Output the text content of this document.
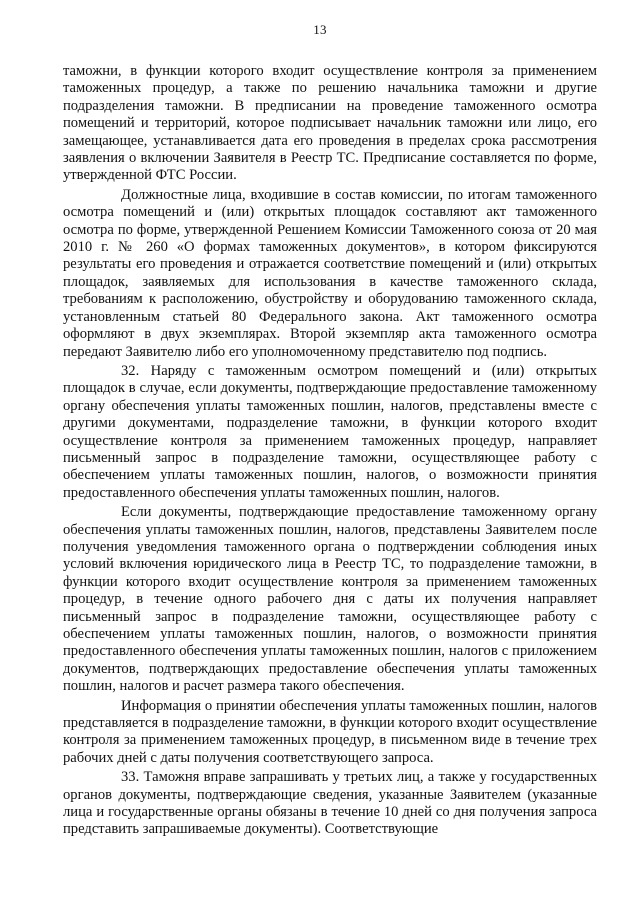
13

таможни, в функции которого входит осуществление контроля за применением таможенных процедур, а также по решению начальника таможни и другие подразделения таможни. В предписании на проведение таможенного осмотра помещений и территорий, которое подписывает начальник таможни или лицо, его замещающее, устанавливается дата его проведения в пределах срока рассмотрения заявления о включении Заявителя в Реестр ТС. Предписание составляется по форме, утвержденной ФТС России.

Должностные лица, входившие в состав комиссии, по итогам таможенного осмотра помещений и (или) открытых площадок составляют акт таможенного осмотра по форме, утвержденной Решением Комиссии Таможенного союза от 20 мая 2010 г. № 260 «О формах таможенных документов», в котором фиксируются результаты его проведения и отражается соответствие помещений и (или) открытых площадок, заявляемых для использования в качестве таможенного склада, требованиям к расположению, обустройству и оборудованию таможенного склада, установленным статьей 80 Федерального закона. Акт таможенного осмотра оформляют в двух экземплярах. Второй экземпляр акта таможенного осмотра передают Заявителю либо его уполномоченному представителю под подпись.

32. Наряду с таможенным осмотром помещений и (или) открытых площадок в случае, если документы, подтверждающие предоставление таможенному органу обеспечения уплаты таможенных пошлин, налогов, представлены вместе с другими документами, подразделение таможни, в функции которого входит осуществление контроля за применением таможенных процедур, направляет письменный запрос в подразделение таможни, осуществляющее работу с обеспечением уплаты таможенных пошлин, налогов, о возможности принятия предоставленного обеспечения уплаты таможенных пошлин, налогов.

Если документы, подтверждающие предоставление таможенному органу обеспечения уплаты таможенных пошлин, налогов, представлены Заявителем после получения уведомления таможенного органа о подтверждении соблюдения иных условий включения юридического лица в Реестр ТС, то подразделение таможни, в функции которого входит осуществление контроля за применением таможенных процедур, в течение одного рабочего дня с даты их получения направляет письменный запрос в подразделение таможни, осуществляющее работу с обеспечением уплаты таможенных пошлин, налогов, о возможности принятия предоставленного обеспечения уплаты таможенных пошлин, налогов с приложением документов, подтверждающих предоставление обеспечения уплаты таможенных пошлин, налогов и расчет размера такого обеспечения.

Информация о принятии обеспечения уплаты таможенных пошлин, налогов представляется в подразделение таможни, в функции которого входит осуществление контроля за применением таможенных процедур, в письменном виде в течение трех рабочих дней с даты получения соответствующего запроса.

33. Таможня вправе запрашивать у третьих лиц, а также у государственных органов документы, подтверждающие сведения, указанные Заявителем (указанные лица и государственные органы обязаны в течение 10 дней со дня получения запроса представить запрашиваемые документы). Соответствующие
